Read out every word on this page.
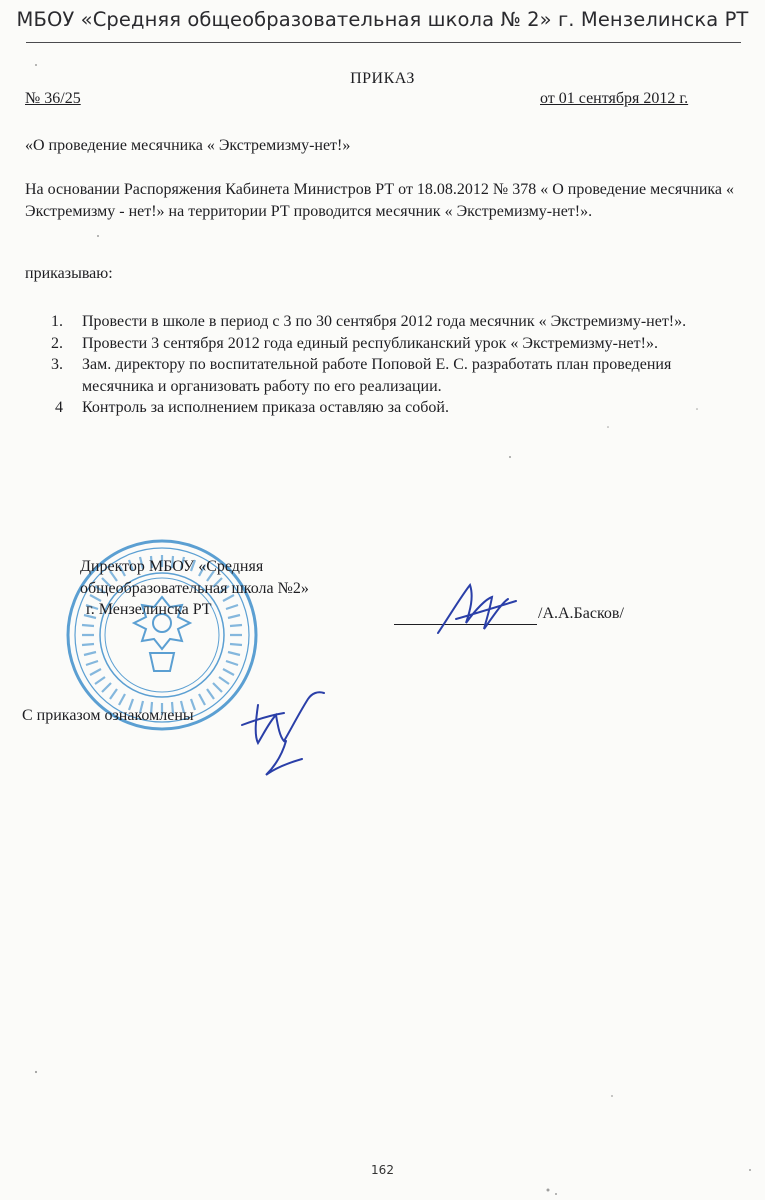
МБОУ «Средняя общеобразовательная школа № 2» г. Мензелинска РТ
ПРИКАЗ
№ 36/25	от 01 сентября 2012 г.
«О проведение месячника « Экстремизму-нет!»
На основании Распоряжения Кабинета Министров РТ от 18.08.2012 № 378 « О проведение месячника « Экстремизму - нет!» на территории РТ проводится месячник « Экстремизму-нет!».
приказываю:
1. Провести в школе в период с 3 по 30 сентября 2012 года месячник « Экстремизму-нет!».
2. Провести 3 сентября 2012 года единый республиканский урок « Экстремизму-нет!».
3. Зам. директору по воспитательной работе Поповой Е. С. разработать план проведения месячника и организовать работу по его реализации.
4 Контроль за исполнением приказа оставляю за собой.
Директор МБОУ «Средняя
общеобразовательная школа №2»
г. Мензелинска РТ	/А.А.Басков/
С приказом ознакомлены
162
